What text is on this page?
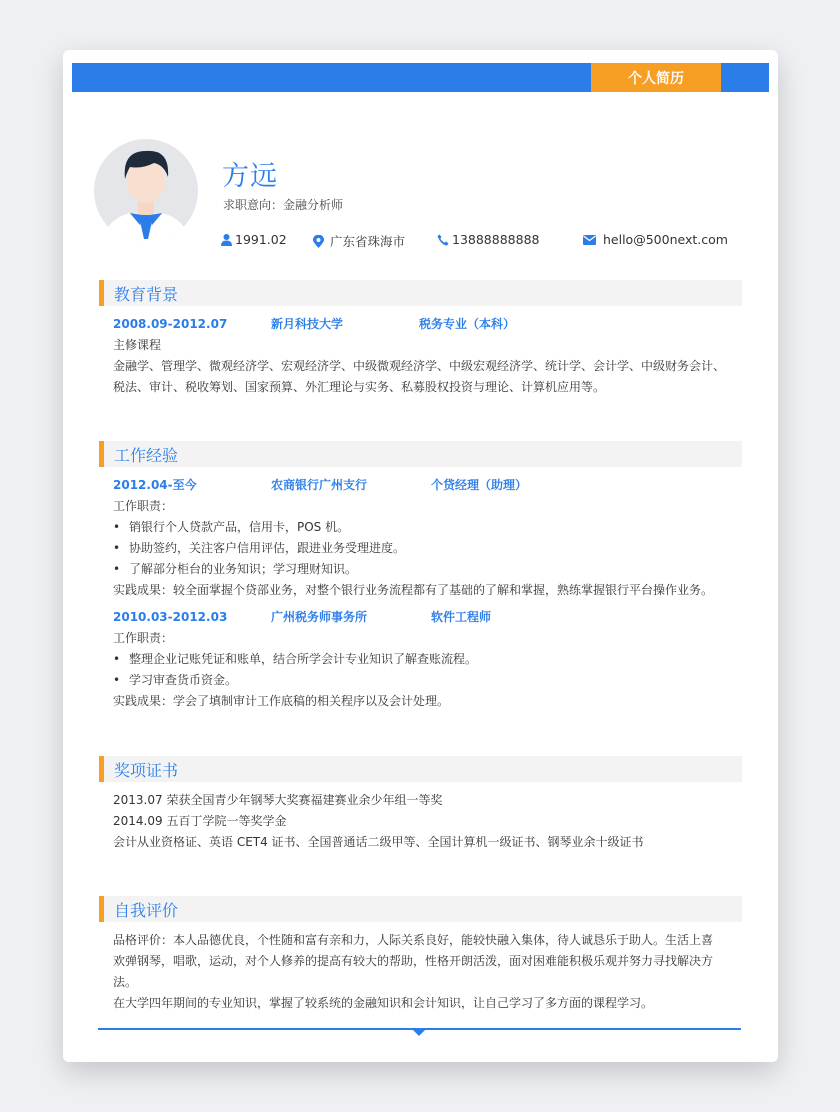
个人简历
方远
求职意向：金融分析师
1991.02	广东省珠海市	13888888888	hello@500next.com
教育背景
2008.09-2012.07	新月科技大学	税务专业（本科）
主修课程
金融学、管理学、微观经济学、宏观经济学、中级微观经济学、中级宏观经济学、统计学、会计学、中级财务会计、
税法、审计、税收筹划、国家预算、外汇理论与实务、私募股权投资与理论、计算机应用等。
工作经验
2012.04-至今	农商银行广州支行	个贷经理（助理）
工作职责：
• 销银行个人贷款产品，信用卡，POS 机。
• 协助签约，关注客户信用评估，跟进业务受理进度。
• 了解部分柜台的业务知识；学习理财知识。
实践成果：较全面掌握个贷部业务，对整个银行业务流程都有了基础的了解和掌握，熟练掌握银行平台操作业务。
2010.03-2012.03	广州税务师事务所	软件工程师
工作职责：
• 整理企业记账凭证和账单，结合所学会计专业知识了解查账流程。
• 学习审查货币资金。
实践成果：学会了填制审计工作底稿的相关程序以及会计处理。
奖项证书
2013.07 荣获全国青少年钢琴大奖赛福建赛业余少年组一等奖
2014.09 五百丁学院一等奖学金
会计从业资格证、英语 CET4 证书、全国普通话二级甲等、全国计算机一级证书、钢琴业余十级证书
自我评价
品格评价：本人品德优良，个性随和富有亲和力，人际关系良好，能较快融入集体，待人诚恳乐于助人。生活上喜
欢弹钢琴，唱歌，运动，对个人修养的提高有较大的帮助，性格开朗活泼，面对困难能积极乐观并努力寻找解决方
法。
在大学四年期间的专业知识，掌握了较系统的金融知识和会计知识，让自己学习了多方面的课程学习。
